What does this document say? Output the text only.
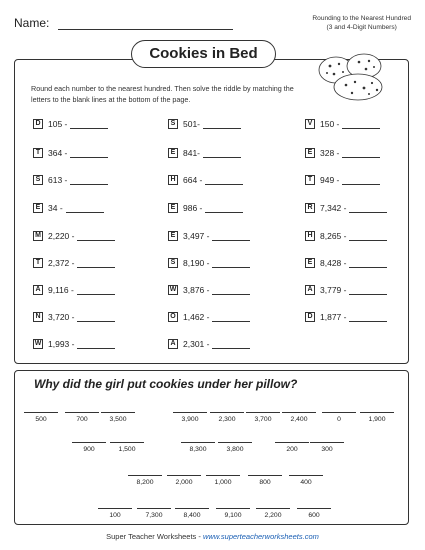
Name:	Rounding to the Nearest Hundred
(3 and 4-Digit Numbers)
Cookies in Bed
Round each number to the nearest hundred. Then solve the riddle by matching the letters to the blank lines at the bottom of the page.
D 105 -	S 501-	V 150 -
T 364 -	E 841-	E 328 -
S 613 -	H 664 -	T 949 -
E 34 -	E 986 -	R 7,342 -
M 2,220 -	E 3,497 -	H 8,265 -
T 2,372 -	S 8,190 -	E 8,428 -
A 9,116 -	W 3,876 -	A 3,779 -
N 3,720 -	O 1,462 -	D 1,877 -
W 1,993 -	A 2,301 -
Why did the girl put cookies under her pillow?
500	700	3,500	3,900	2,300	3,700	2,400	0	1,900
900	1,500	8,300	3,800	200	300
8,200	2,000	1,000	800	400
100	7,300	8,400	9,100	2,200	600
Super Teacher Worksheets - www.superteacherworksheets.com
